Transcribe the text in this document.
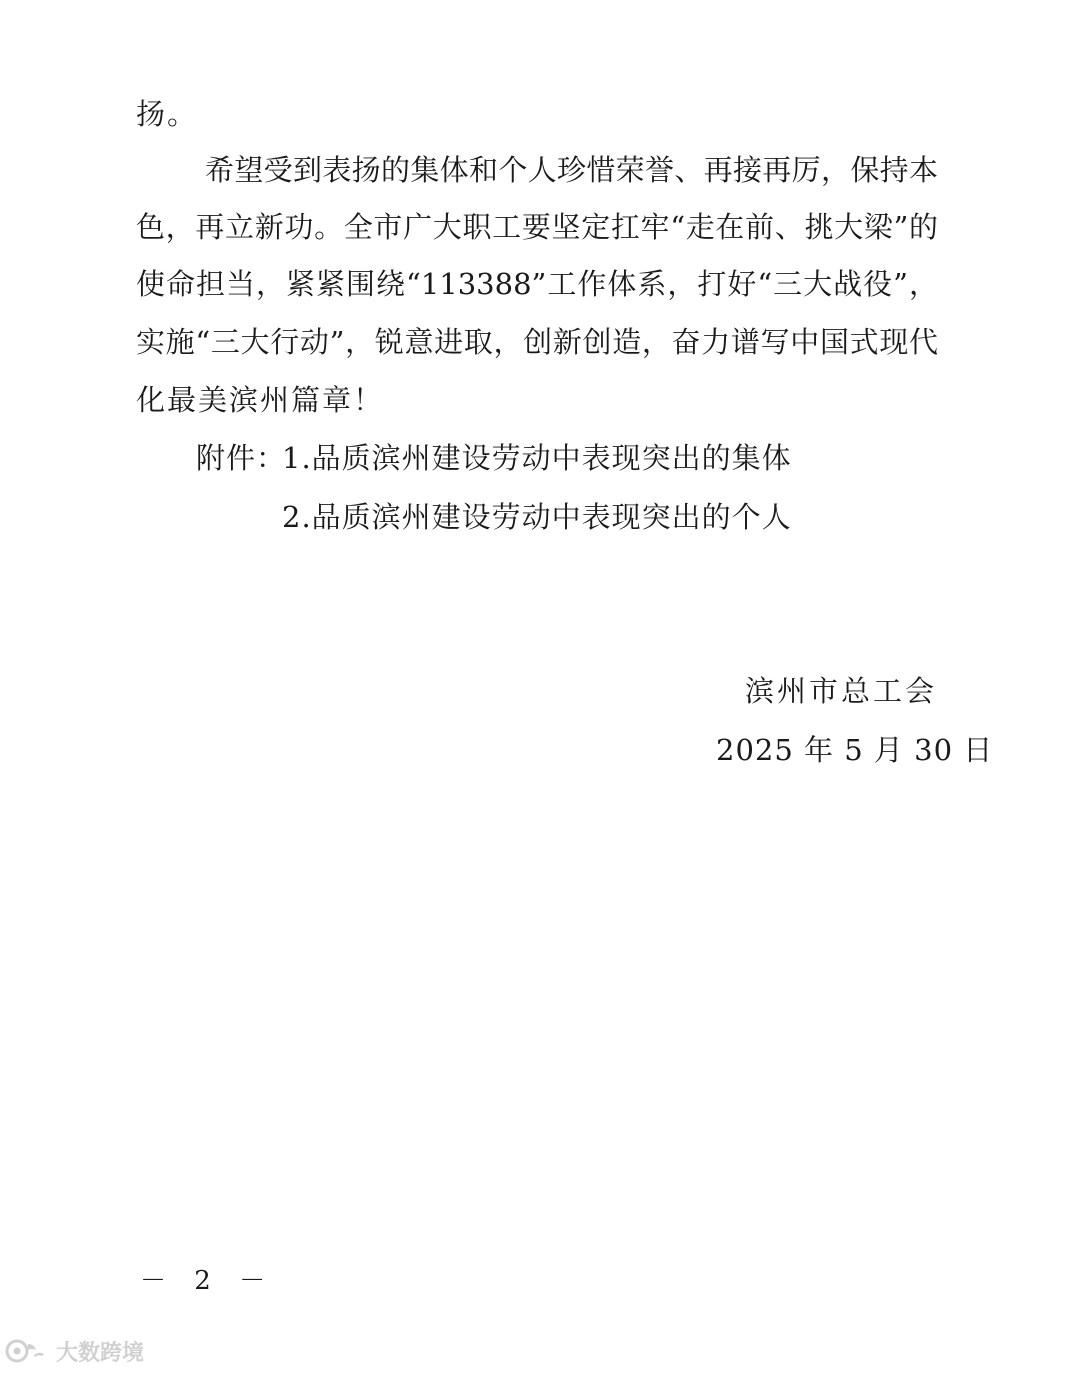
扬。
希望受到表扬的集体和个人珍惜荣誉、再接再厉，保持本
色，再立新功。全市广大职工要坚定扛牢“走在前、挑大梁”的
使命担当，紧紧围绕“113388”工作体系，打好“三大战役”，
实施“三大行动”，锐意进取，创新创造，奋力谱写中国式现代
化最美滨州篇章！
附件：
1.品质滨州建设劳动中表现突出的集体
2.品质滨州建设劳动中表现突出的个人
滨州市总工会
2025 年 5 月 30 日
－ 2 －
大数跨境
